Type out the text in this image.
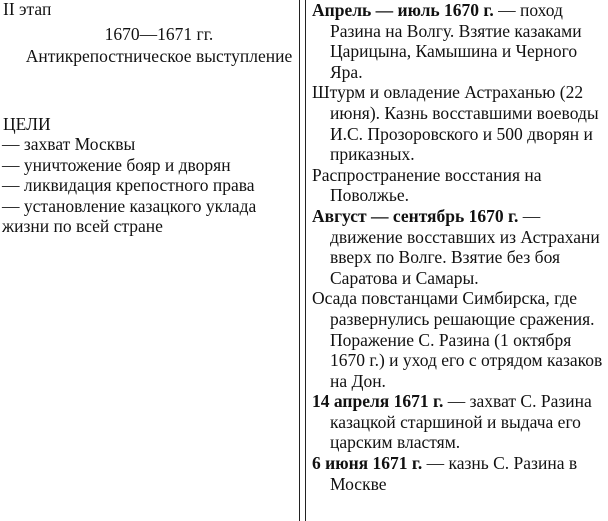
II этап
1670—1671 гг.
Антикрепостническое выступление
ЦЕЛИ
— захват Москвы
— уничтожение бояр и дворян
— ликвидация крепостного права
— установление казацкого уклада жизни по всей стране

Апрель — июль 1670 г. — поход Разина на Волгу. Взятие казаками Царицына, Камышина и Черного Яра.

Штурм и овладение Астраханью (22 июня). Казнь восставшими воеводы И.С. Прозоровского и 500 дворян и приказных.

Распространение восстания на Поволжье.

Август — сентябрь 1670 г. — движение восставших из Астрахани вверх по Волге. Взятие без боя Саратова и Самары.

Осада повстанцами Симбирска, где развернулись решающие сражения. Поражение С. Разина (1 октября 1670 г.) и уход его с отрядом казаков на Дон.

14 апреля 1671 г. — захват С. Разина казацкой старшиной и выдача его царским властям.

6 июня 1671 г. — казнь С. Разина в Москве
